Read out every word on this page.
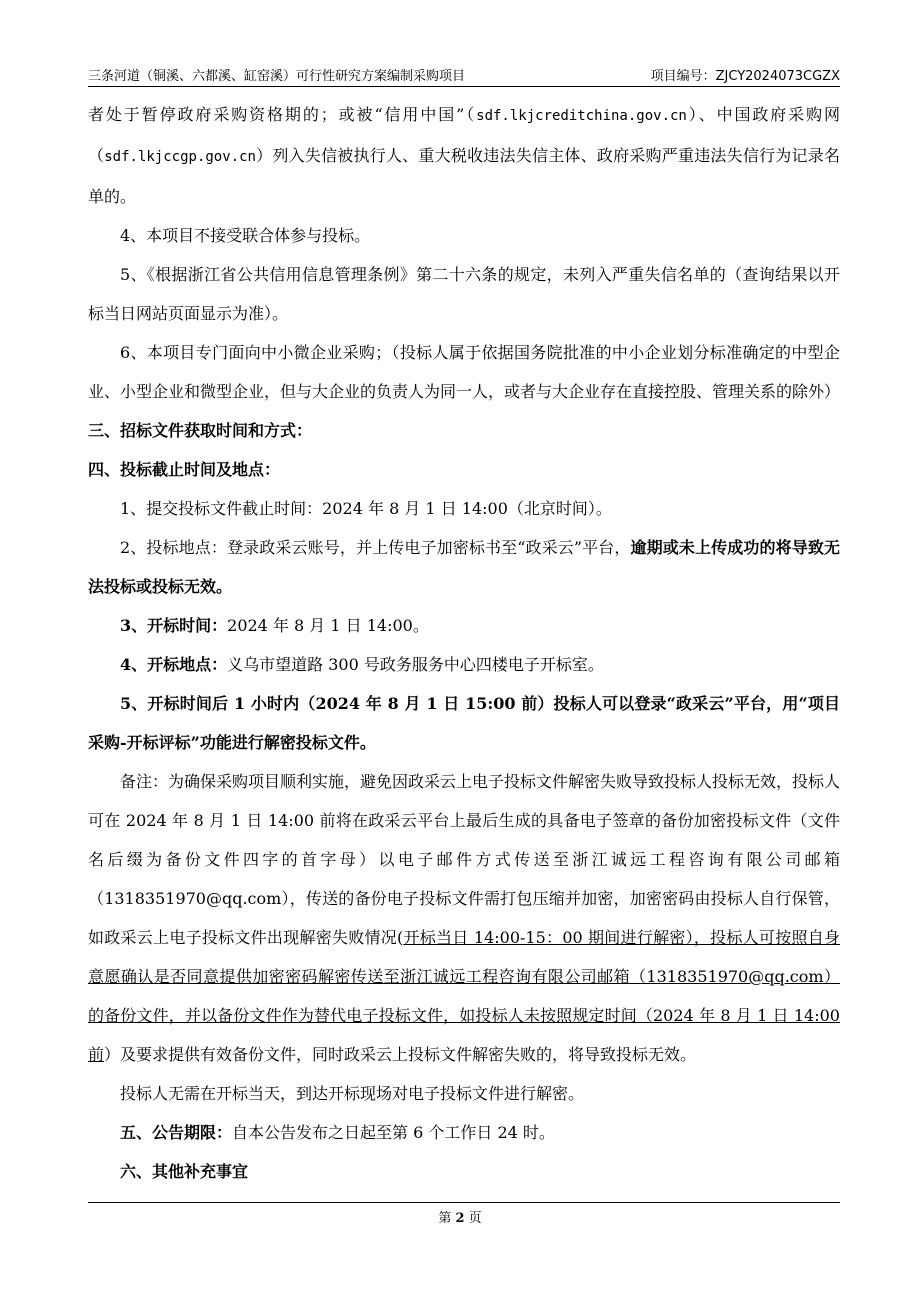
三条河道（铜溪、六都溪、缸窑溪）可行性研究方案编制采购项目	项目编号：ZJCY2024073CGZX

者处于暂停政府采购资格期的；或被“信用中国”（sdf.lkjcreditchina.gov.cn）、中国政府采购网（sdf.lkjccgp.gov.cn）列入失信被执行人、重大税收违法失信主体、政府采购严重违法失信行为记录名单的。

4、本项目不接受联合体参与投标。

5、《根据浙江省公共信用信息管理条例》第二十六条的规定，未列入严重失信名单的（查询结果以开标当日网站页面显示为准）。

6、本项目专门面向中小微企业采购；（投标人属于依据国务院批准的中小企业划分标准确定的中型企业、小型企业和微型企业，但与大企业的负责人为同一人，或者与大企业存在直接控股、管理关系的除外）

三、招标文件获取时间和方式：

四、投标截止时间及地点：

1、提交投标文件截止时间：2024 年 8 月 1 日 14:00（北京时间）。

2、投标地点：登录政采云账号，并上传电子加密标书至“政采云”平台，逾期或未上传成功的将导致无法投标或投标无效。

3、开标时间：2024 年 8 月 1 日 14:00。

4、开标地点：义乌市望道路 300 号政务服务中心四楼电子开标室。

5、开标时间后 1 小时内（2024 年 8 月 1 日 15:00 前）投标人可以登录“政采云”平台，用“项目采购-开标评标”功能进行解密投标文件。

备注：为确保采购项目顺利实施，避免因政采云上电子投标文件解密失败导致投标人投标无效，投标人可在 2024 年 8 月 1 日 14:00 前将在政采云平台上最后生成的具备电子签章的备份加密投标文件（文件名后缀为备份文件四字的首字母）以电子邮件方式传送至浙江诚远工程咨询有限公司邮箱（1318351970@qq.com），传送的备份电子投标文件需打包压缩并加密，加密密码由投标人自行保管，如政采云上电子投标文件出现解密失败情况(开标当日 14:00-15：00 期间进行解密），投标人可按照自身意愿确认是否同意提供加密密码解密传送至浙江诚远工程咨询有限公司邮箱（1318351970@qq.com）的备份文件，并以备份文件作为替代电子投标文件，如投标人未按照规定时间（2024 年 8 月 1 日 14:00 前）及要求提供有效备份文件，同时政采云上投标文件解密失败的，将导致投标无效。

投标人无需在开标当天，到达开标现场对电子投标文件进行解密。

五、公告期限：自本公告发布之日起至第 6 个工作日 24 时。

六、其他补充事宜

第 2 页
